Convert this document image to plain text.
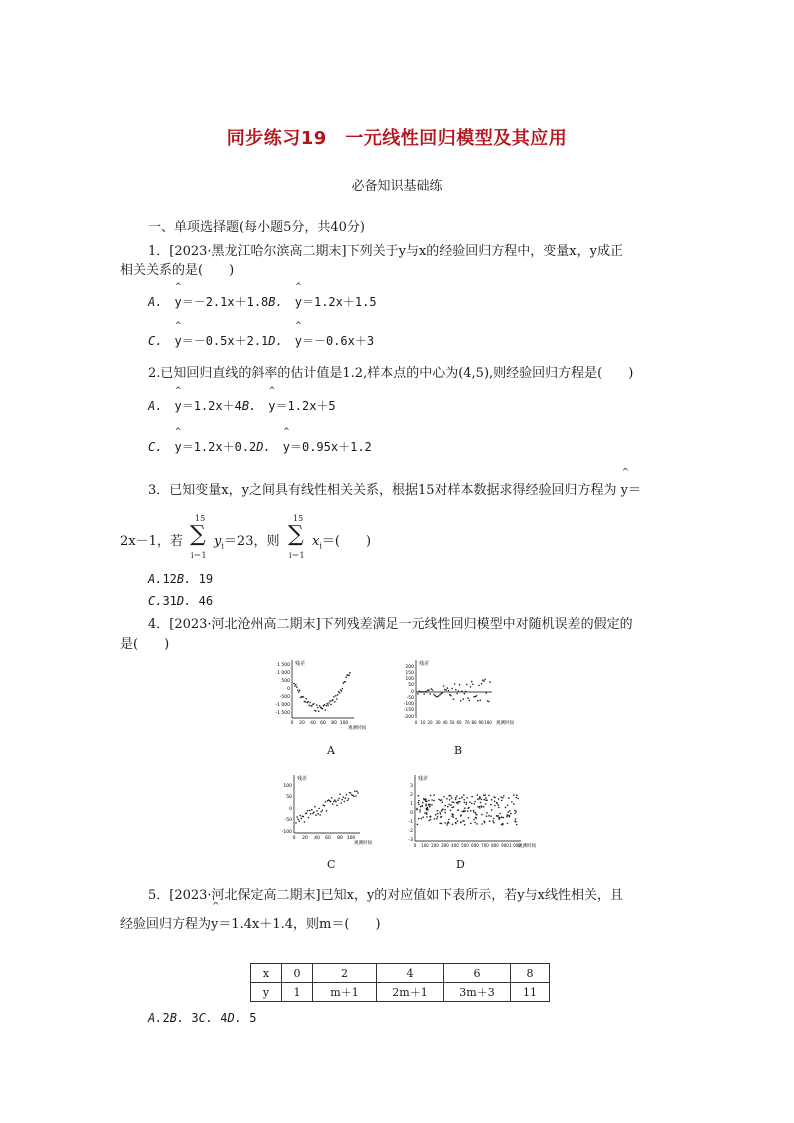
同步练习19　一元线性回归模型及其应用
必备知识基础练
一、单项选择题(每小题5分，共40分)
1．[2023·黑龙江哈尔滨高二期末]下列关于y与x的经验回归方程中，变量x，y成正
相关关系的是(　　)
A.　 ^ y＝－2.1x＋1.8B.　 ^ y＝1.2x＋1.5
C.　 ^ y＝－0.5x＋2.1D.　 ^ y＝－0.6x＋3
2.已知回归直线的斜率的估计值是1.2,样本点的中心为(4,5),则经验回归方程是(　　)
A.　 ^ y＝1.2x＋4B.　 ^ y＝1.2x＋5
C.　 ^ y＝1.2x＋0.2D.　 ^ y＝0.95x＋1.2
3．已知变量x，y之间具有线性相关关系，根据15对样本数据求得经验回归方程为 ^ y＝
2x－1，若
15
∑
i＝1
$y_i=23$，则
15
∑
i＝1
$x_i=$(　　)
A.12B. 19
C.31D. 46
4．[2023·河北沧州高二期末]下列残差满足一元线性回归模型中对随机误差的假定的
是(　　)
残差
1 500
1 000
500
0
-500
-1 000
-1 500
0 20 40 60 80 100
观测时间
A
残差
200
150
100
50
0
-50
-100
-150
-200
0 10 20 30 40 50 60 70 80 90 100 观测时间
B
残差
100
50
0
-50
-100
0 20 40 60 80 100
观测时间
C
残差
3
2
1
0
-1
-2
-3
0 100 200 300 400 500 600 700 800 900 1 000
观测时间
D
5．[2023·河北保定高二期末]已知x，y的对应值如下表所示，若y与x线性相关，且
经验回归方程为^ y＝1.4x＋1.4，则m＝(　　)
x	0	2	4	6	8
y	1	m＋1	2m＋1	3m＋3	11
A.2B. 3C. 4D. 5
